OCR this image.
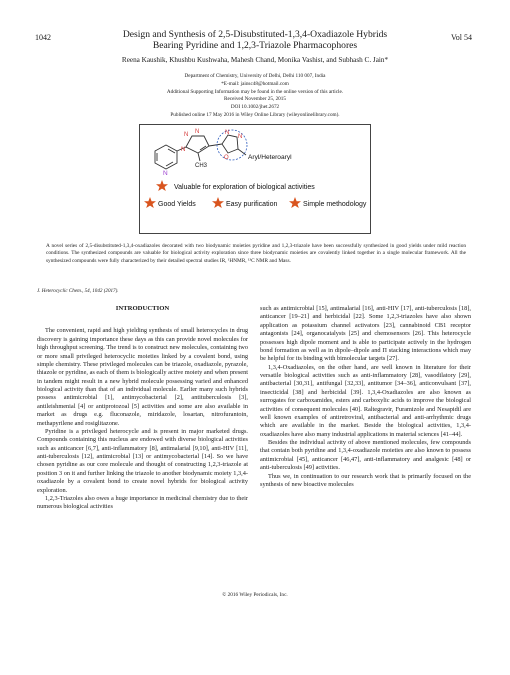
1042	Vol 54
Design and Synthesis of 2,5-Disubstituted-1,3,4-Oxadiazole Hybrids
Bearing Pyridine and 1,2,3-Triazole Pharmacophores
Reena Kaushik, Khushbu Kushwaha, Mahesh Chand, Monika Vashist, and Subhash C. Jain*
Department of Chemistry, University of Delhi, Delhi 110 007, India
*E-mail: jainsc48@hotmail.com
Additional Supporting Information may be found in the online version of this article.
Received November 25, 2015
DOI 10.1002/jhet.2672
Published online 17 May 2016 in Wiley Online Library (wileyonlinelibrary.com).
N
N N
N
CH3
N
N
O	Aryl/Heteroaryl
Valuable for exploration of biological activities
Good Yields	Easy purification	Simple methodology
A novel series of 2,5-disubstituted-1,3,4-oxadiazoles decorated with two biodynamic moieties pyridine and 1,2,3-triazole have been successfully synthesized in good yields under mild reaction conditions. The synthesized compounds are valuable for biological activity exploration since three biodynamic moieties are covalently linked together in a single molecular framework. All the synthesized compounds were fully characterized by their detailed spectral studies IR, ¹HNMR, ¹³C NMR and Mass.
J. Heterocyclic Chem., 54, 1042 (2017).

INTRODUCTION

The convenient, rapid and high yielding synthesis of small heterocycles in drug discovery is gaining importance these days as this can provide novel molecules for high throughput screening. The trend is to construct new molecules, containing two or more small privileged heterocyclic moieties linked by a covalent bond, using simple chemistry. These privileged molecules can be triazole, oxadiazole, pyrazole, thiazole or pyridine, as each of them is biologically active moiety and when present in tandem might result in a new hybrid molecule possessing varied and enhanced biological activity than that of an individual molecule. Earlier many such hybrids possess antimicrobial [1], antimycobacterial [2], antituberculosis [3], antileishmenial [4] or antiprotozoal [5] activities and some are also available in market as drugs e.g. fluconazole, miridazole, losartan, nitrofurantoin, methapyrilene and rosiglitazone.

Pyridine is a privileged heterocycle and is present in major marketed drugs. Compounds containing this nucleus are endowed with diverse biological activities such as anticancer [6,7], anti-inflammatory [8], antimalarial [9,10], anti-HIV [11], anti-tuberculosis [12], antimicrobial [13] or antimycobacterial [14]. So we have chosen pyridine as our core molecule and thought of constructing 1,2,3-triazole at position 3 on it and further linking the triazole to another biodynamic moiety 1,3,4-oxadiazole by a covalent bond to create novel hybrids for biological activity exploration.

1,2,3-Triazoles also owes a huge importance in medicinal chemistry due to their numerous biological activities

such as antimicrobial [15], antimalarial [16], anti-HIV [17], anti-tuberculosis [18], anticancer [19–21] and herbicidal [22]. Some 1,2,3-triazoles have also shown application as potassium channel activators [23], cannabinoid CB1 receptor antagonists [24], organocatalysts [25] and chemosensors [26]. This heterocycle possesses high dipole moment and is able to participate actively in the hydrogen bond formation as well as in dipole–dipole and Π stacking interactions which may be helpful for its binding with bimolecular targets [27].

1,3,4-Oxadiazoles, on the other hand, are well known in literature for their versatile biological activities such as anti-inflammatory [28], vasodilatory [29], antibacterial [30,31], antifungal [32,33], antitumor [34–36], anticonvulsant [37], insecticidal [38] and herbicidal [39]. 1,3,4-Oxadiazoles are also known as surrogates for carboxamides, esters and carboxylic acids to improve the biological activities of consequent molecules [40]. Raltegravir, Furamizole and Nesapidil are well known examples of antiretroviral, antibacterial and anti-arrhythmic drugs which are available in the market. Beside the biological activities, 1,3,4-oxadiazoles have also many industrial applications in material sciences [41–44].

Besides the individual activity of above mentioned molecules, few compounds that contain both pyridine and 1,3,4-oxadiazole moieties are also known to possess antimicrobial [45], anticancer [46,47], anti-inflammatory and analgesic [48] or anti-tuberculosis [49] activities.

Thus we, in continuation to our research work that is primarily focused on the synthesis of new bioactive molecules

© 2016 Wiley Periodicals, Inc.
